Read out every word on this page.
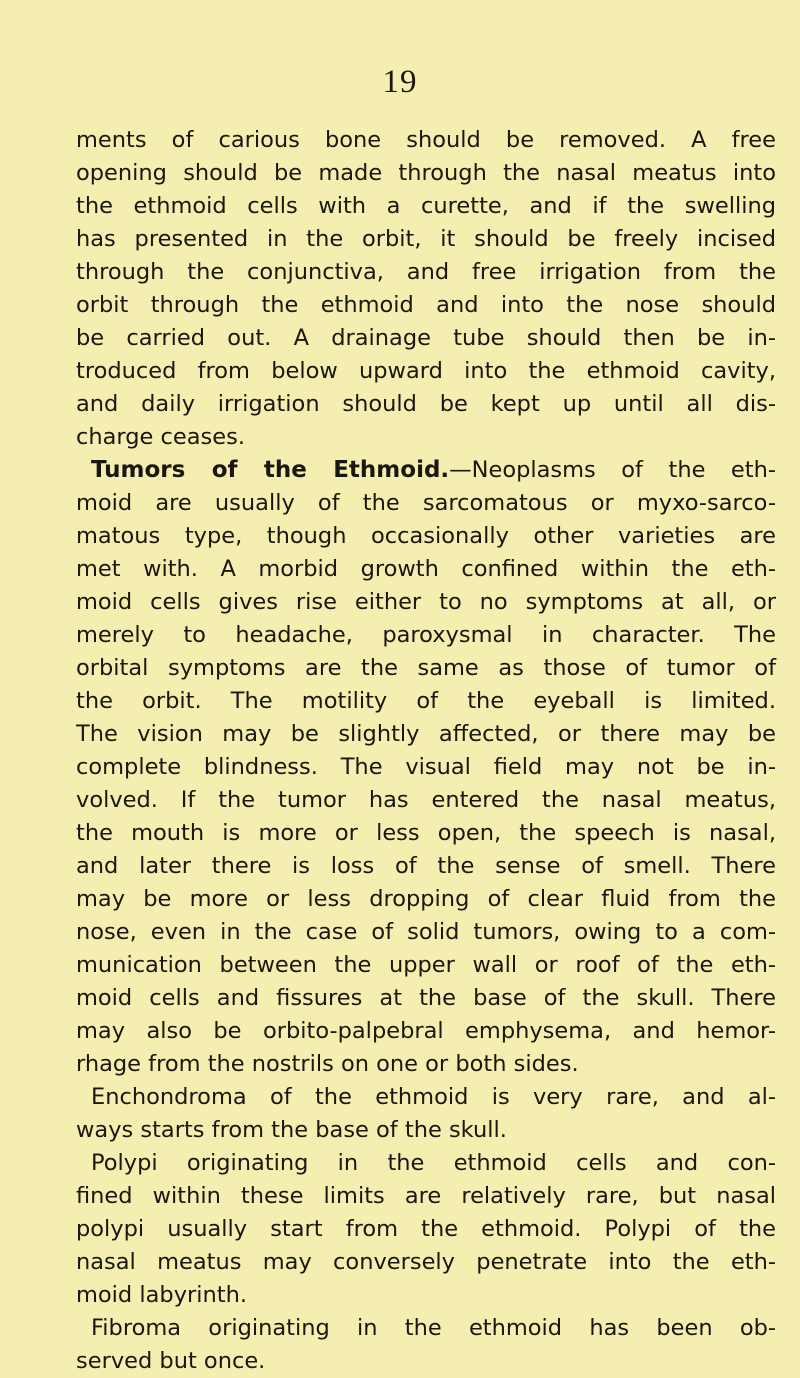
19
ments of carious bone should be removed. A free
opening should be made through the nasal meatus into
the ethmoid cells with a curette, and if the swelling
has presented in the orbit, it should be freely incised
through the conjunctiva, and free irrigation from the
orbit through the ethmoid and into the nose should
be carried out. A drainage tube should then be in-
troduced from below upward into the ethmoid cavity,
and daily irrigation should be kept up until all dis-
charge ceases.
Tumors of the Ethmoid.—Neoplasms of the eth-
moid are usually of the sarcomatous or myxo-sarco-
matous type, though occasionally other varieties are
met with. A morbid growth confined within the eth-
moid cells gives rise either to no symptoms at all, or
merely to headache, paroxysmal in character. The
orbital symptoms are the same as those of tumor of
the orbit. The motility of the eyeball is limited.
The vision may be slightly affected, or there may be
complete blindness. The visual field may not be in-
volved. If the tumor has entered the nasal meatus,
the mouth is more or less open, the speech is nasal,
and later there is loss of the sense of smell. There
may be more or less dropping of clear fluid from the
nose, even in the case of solid tumors, owing to a com-
munication between the upper wall or roof of the eth-
moid cells and fissures at the base of the skull. There
may also be orbito-palpebral emphysema, and hemor-
rhage from the nostrils on one or both sides.
Enchondroma of the ethmoid is very rare, and al-
ways starts from the base of the skull.
Polypi originating in the ethmoid cells and con-
fined within these limits are relatively rare, but nasal
polypi usually start from the ethmoid. Polypi of the
nasal meatus may conversely penetrate into the eth-
moid labyrinth.
Fibroma originating in the ethmoid has been ob-
served but once.
